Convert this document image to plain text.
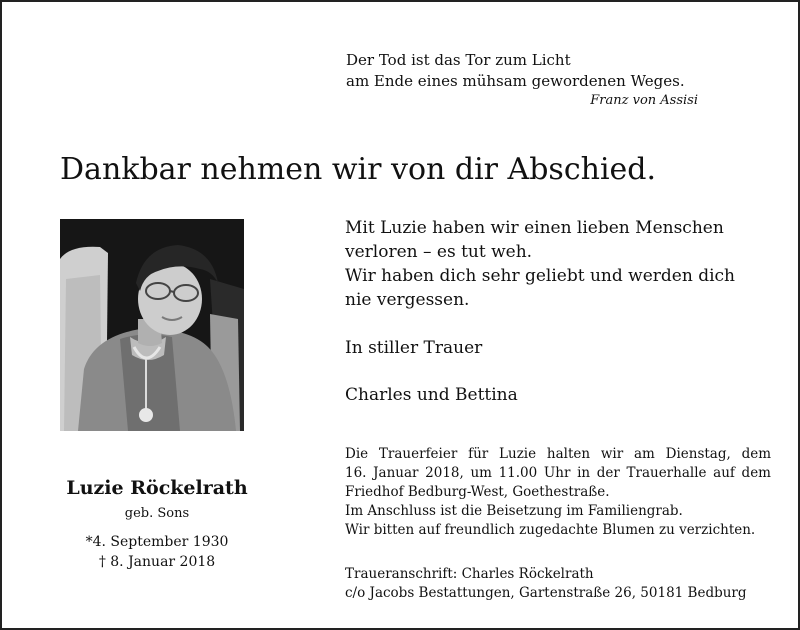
Der Tod ist das Tor zum Licht
am Ende eines mühsam gewordenen Weges.
Franz von Assisi
Dankbar nehmen wir von dir Abschied.
Mit Luzie haben wir einen lieben Menschen
verloren – es tut weh.
Wir haben dich sehr geliebt und werden dich
nie vergessen.
In stiller Trauer
Charles und Bettina
Die Trauerfeier für Luzie halten wir am Dienstag, dem
16. Januar 2018, um 11.00 Uhr in der Trauerhalle auf dem
Friedhof Bedburg-West, Goethestraße.
Im Anschluss ist die Beisetzung im Familiengrab.
Wir bitten auf freundlich zugedachte Blumen zu verzichten.
Traueranschrift: Charles Röckelrath
c/o Jacobs Bestattungen, Gartenstraße 26, 50181 Bedburg
Luzie Röckelrath
geb. Sons
*4. September 1930
† 8. Januar 2018
